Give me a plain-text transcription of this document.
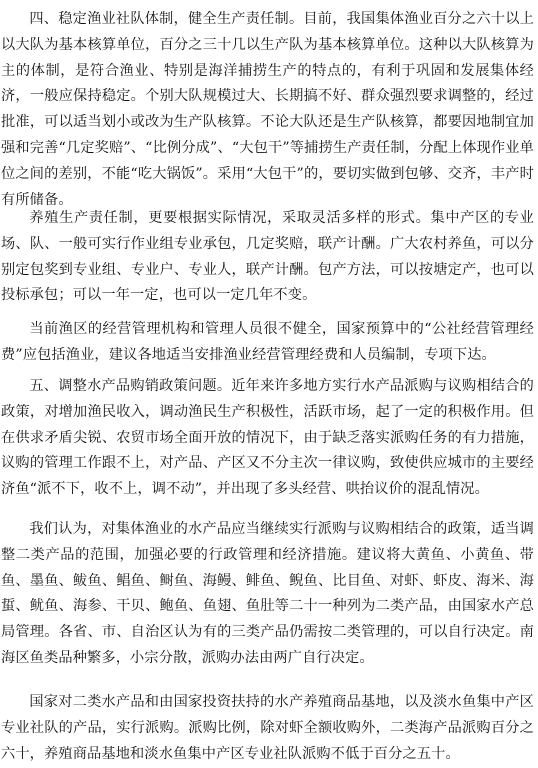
四、稳定渔业社队体制，健全生产责任制。目前，我国集体渔业百分之六十以上以大队为基本核算单位，百分之三十几以生产队为基本核算单位。这种以大队核算为主的体制，是符合渔业、特别是海洋捕捞生产的特点的，有利于巩固和发展集体经济，一般应保持稳定。个别大队规模过大、长期搞不好、群众强烈要求调整的，经过批准，可以适当划小或改为生产队核算。不论大队还是生产队核算，都要因地制宜加强和完善“几定奖赔”、“比例分成”、“大包干”等捕捞生产责任制，分配上体现作业单位之间的差别，不能“吃大锅饭”。采用“大包干”的，要切实做到包够、交齐，丰产时有所储备。

养殖生产责任制，更要根据实际情况，采取灵活多样的形式。集中产区的专业场、队、一般可实行作业组专业承包，几定奖赔，联产计酬。广大农村养鱼，可以分别定包奖到专业组、专业户、专业人，联产计酬。包产方法，可以按塘定产，也可以投标承包；可以一年一定，也可以一定几年不变。

当前渔区的经营管理机构和管理人员很不健全，国家预算中的“公社经营管理经费”应包括渔业，建议各地适当安排渔业经营管理经费和人员编制，专项下达。

五、调整水产品购销政策问题。近年来许多地方实行水产品派购与议购相结合的政策，对增加渔民收入，调动渔民生产积极性，活跃市场，起了一定的积极作用。但在供求矛盾尖锐、农贸市场全面开放的情况下，由于缺乏落实派购任务的有力措施，议购的管理工作跟不上，对产品、产区又不分主次一律议购，致使供应城市的主要经济鱼“派不下，收不上，调不动”，并出现了多头经营、哄抬议价的混乱情况。

我们认为，对集体渔业的水产品应当继续实行派购与议购相结合的政策，适当调整二类产品的范围，加强必要的行政管理和经济措施。建议将大黄鱼、小黄鱼、带鱼、墨鱼、鲅鱼、鲳鱼、鲥鱼、海鳗、鲱鱼、鲵鱼、比目鱼、对虾、虾皮、海米、海蜇、鱿鱼、海参、干贝、鲍鱼、鱼翅、鱼肚等二十一种列为二类产品，由国家水产总局管理。各省、市、自治区认为有的三类产品仍需按二类管理的，可以自行决定。南海区鱼类品种繁多，小宗分散，派购办法由两广自行决定。

国家对二类水产品和由国家投资扶持的水产养殖商品基地，以及淡水鱼集中产区专业社队的产品，实行派购。派购比例，除对虾全额收购外，二类海产品派购百分之六十，养殖商品基地和淡水鱼集中产区专业社队派购不低于百分之五十。
